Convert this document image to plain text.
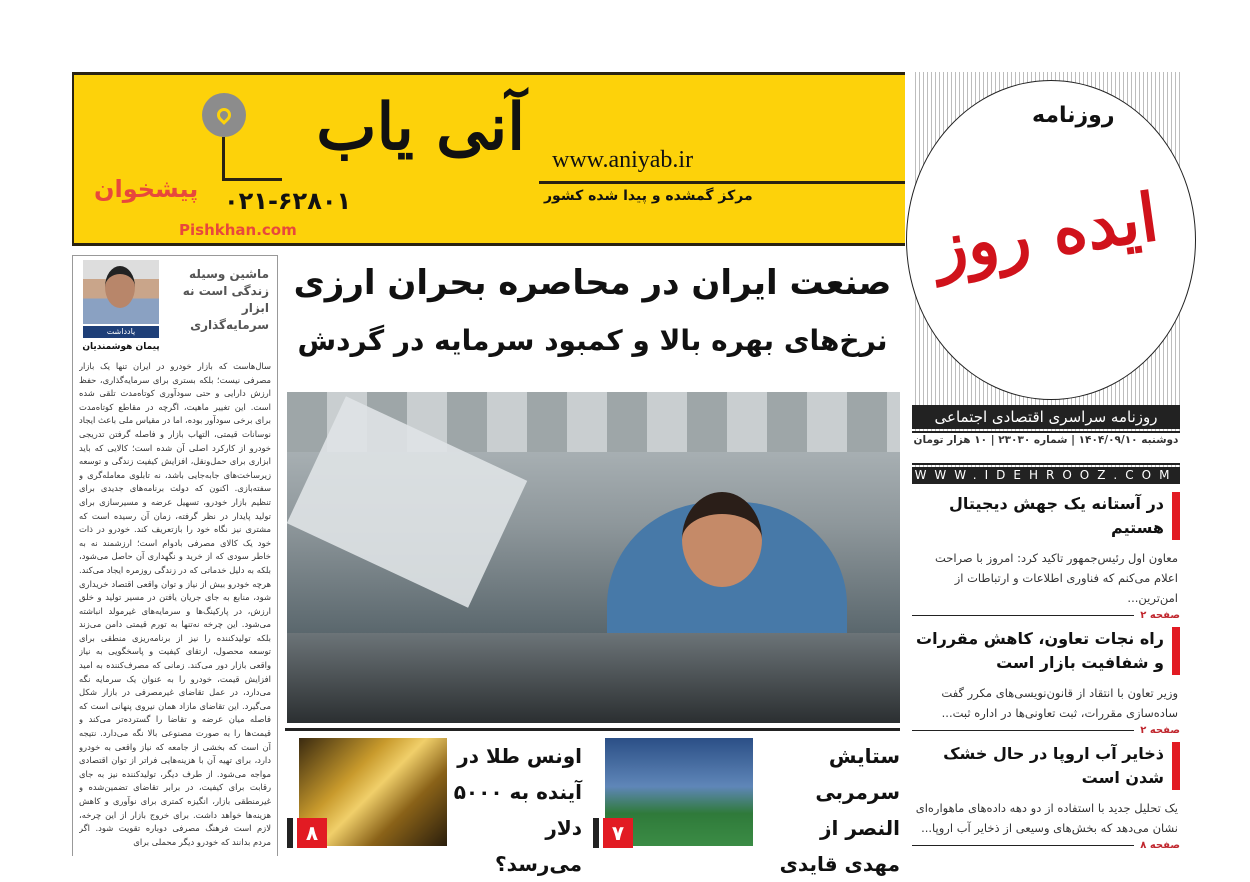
آنی یاب www.aniyab.ir
مرکز گمشده و پیدا شده کشور
۰۲۱-۶۲۸۰۱
پیشخوان
Pishkhan.com
روزنامه
ایده روز
روزنامه سراسری اقتصادی اجتماعی
دوشنبه ۱۴۰۴/۰۹/۱۰ | شماره ۲۳۰۳۰ | ۱۰ هزار تومان
WWW.IDEHROOZ.COM
در آستانه یک جهش دیجیتال هستیم

معاون اول رئیس‌جمهور تاکید کرد: امروز با صراحت اعلام می‌کنم که فناوری اطلاعات و ارتباطات از امن‌ترین...

صفحه ۲
راه نجات تعاون، کاهش مقررات و شفافیت بازار است

وزیر تعاون با انتقاد از قانون‌نویسی‌های مکرر گفت ساده‌سازی مقررات، ثبت تعاونی‌ها در اداره ثبت...

صفحه ۲
ذخایر آب اروپا در حال خشک شدن است

یک تحلیل جدید با استفاده از دو دهه داده‌های ماهواره‌ای نشان می‌دهد که بخش‌های وسیعی از ذخایر آب اروپا...

صفحه ۸
یادداشت
پیمان هوشمندیان
ماشین وسیله زندگی است نه ابزار سرمایه‌گذاری
سال‌هاست که بازار خودرو در ایران تنها یک بازار مصرفی نیست؛ بلکه بستری برای سرمایه‌گذاری، حفظ ارزش دارایی و حتی سودآوری کوتاه‌مدت تلقی شده است. این تغییر ماهیت، اگرچه در مقاطع کوتاه‌مدت برای برخی سودآور بوده، اما در مقیاس ملی باعث ایجاد نوسانات قیمتی، التهاب بازار و فاصله گرفتن تدریجی خودرو از کارکرد اصلی آن شده است؛ کالایی که باید ابزاری برای حمل‌ونقل، افزایش کیفیت زندگی و توسعه زیرساخت‌های جابه‌جایی باشد، نه تابلوی معامله‌گری و سفته‌بازی. اکنون که دولت برنامه‌های جدیدی برای تنظیم بازار خودرو، تسهیل عرضه و مسیرسازی برای تولید پایدار در نظر گرفته، زمان آن رسیده است که مشتری نیز نگاه خود را بازتعریف کند. خودرو در ذات خود یک کالای مصرفی بادوام است؛ ارزشمند نه به خاطر سودی که از خرید و نگهداری آن حاصل می‌شود، بلکه به دلیل خدماتی که در زندگی روزمره ایجاد می‌کند. هرچه خودرو بیش از نیاز و توان واقعی اقتصاد خریداری شود، منابع به جای جریان یافتن در مسیر تولید و خلق ارزش، در پارکینگ‌ها و سرمایه‌های غیرمولد انباشته می‌شود. این چرخه نه‌تنها به تورم قیمتی دامن می‌زند بلکه تولیدکننده را نیز از برنامه‌ریزی منطقی برای توسعه محصول، ارتقای کیفیت و پاسخگویی به نیاز واقعی بازار دور می‌کند. زمانی که مصرف‌کننده به امید افزایش قیمت، خودرو را به عنوان یک سرمایه نگه می‌دارد، در عمل تقاضای غیرمصرفی در بازار شکل می‌گیرد. این تقاضای مازاد همان نیروی پنهانی است که فاصله میان عرضه و تقاضا را گسترده‌تر می‌کند و قیمت‌ها را به صورت مصنوعی بالا نگه می‌دارد. نتیجه آن است که بخشی از جامعه که نیاز واقعی به خودرو دارد، برای تهیه آن با هزینه‌هایی فراتر از توان اقتصادی مواجه می‌شود. از طرف دیگر، تولیدکننده نیز به جای رقابت برای کیفیت، در برابر تقاضای تضمین‌شده و غیرمنطقی بازار، انگیزه کمتری برای نوآوری و کاهش هزینه‌ها خواهد داشت. برای خروج بازار از این چرخه، لازم است فرهنگ مصرفی دوباره تقویت شود. اگر مردم بدانند که خودرو دیگر محملی برای
صنعت ایران در محاصره بحران ارزی
نرخ‌های بهره بالا و کمبود سرمایه در گردش
ستایش سرمربی النصر از مهدی قایدی
۷
اونس طلا در آینده به ۵۰۰۰ دلار می‌رسد؟
۸
